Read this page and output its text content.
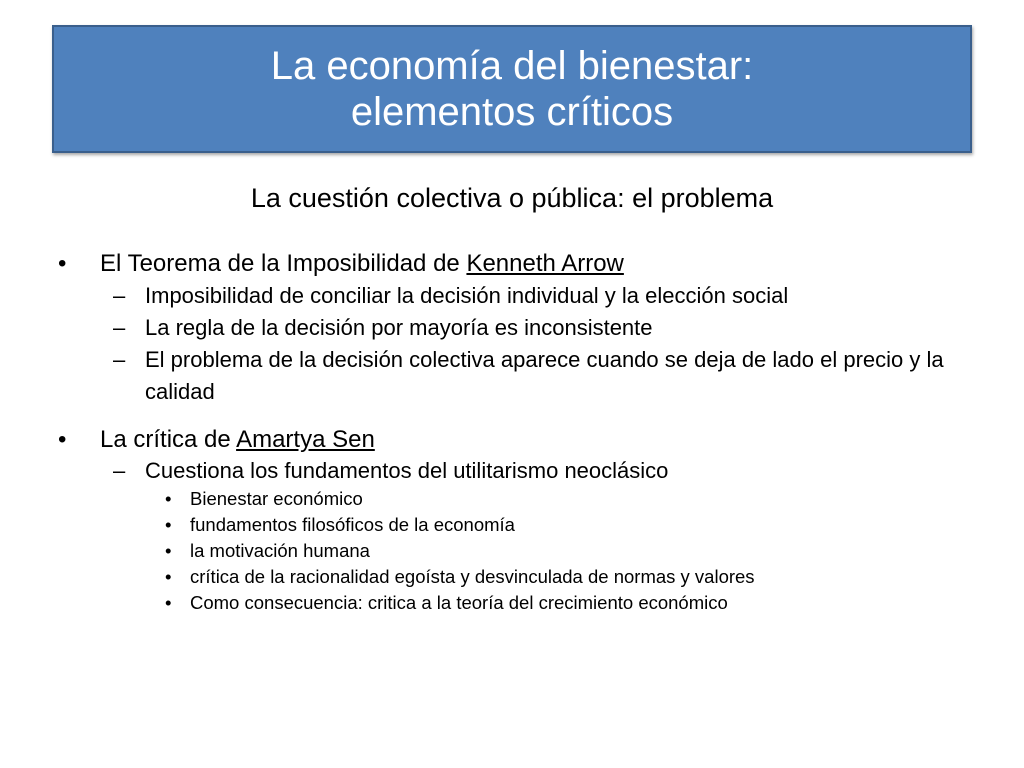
La economía del bienestar:
elementos críticos
La cuestión colectiva o pública: el problema
•	El Teorema de la Imposibilidad de Kenneth Arrow
– Imposibilidad de conciliar la decisión individual y la elección social
– La regla de la decisión por mayoría es inconsistente
– El problema de la decisión colectiva aparece cuando se deja de lado el precio y la calidad
•	La crítica de Amartya Sen
– Cuestiona los fundamentos del utilitarismo neoclásico
• Bienestar económico
• fundamentos filosóficos de la economía
• la motivación humana
• crítica de la racionalidad egoísta y desvinculada de normas y valores
• Como consecuencia: critica a la teoría del crecimiento económico
